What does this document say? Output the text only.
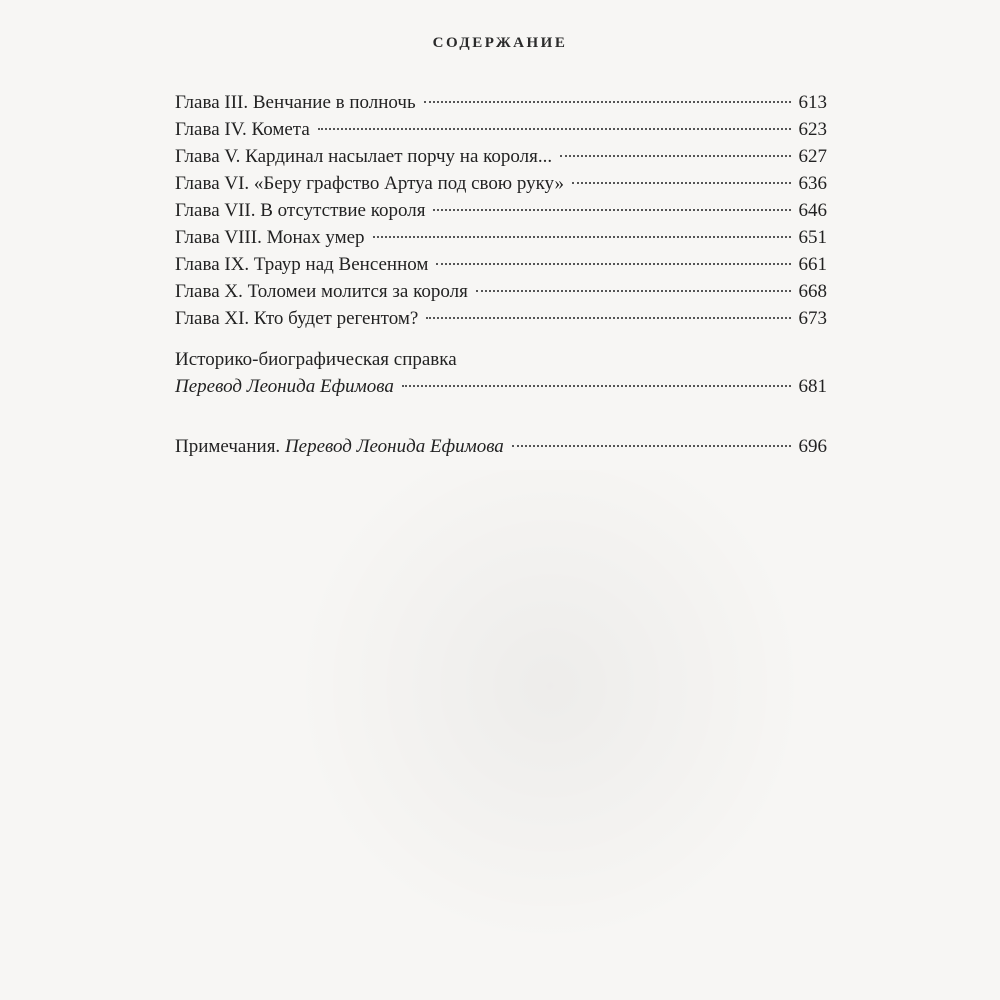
СОДЕРЖАНИЕ
Глава III. Венчание в полночь	613
Глава IV. Комета	623
Глава V. Кардинал насылает порчу на короля...	627
Глава VI. «Беру графство Артуа под свою руку»	636
Глава VII. В отсутствие короля	646
Глава VIII. Монах умер	651
Глава IX. Траур над Венсенном	661
Глава X. Толомеи молится за короля	668
Глава XI. Кто будет регентом?	673
Историко-биографическая справка
Перевод Леонида Ефимова	681
Примечания. Перевод Леонида Ефимова	696
